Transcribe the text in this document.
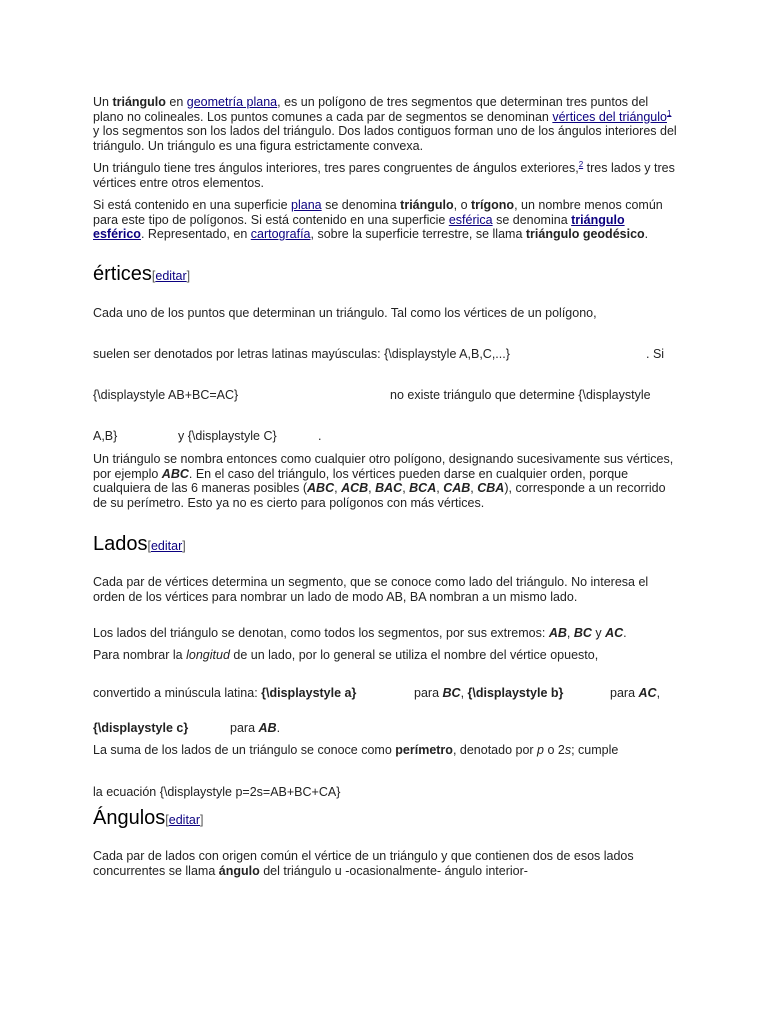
Un triángulo en geometría plana, es un polígono de tres segmentos que determinan tres puntos del plano no colineales. Los puntos comunes a cada par de segmentos se denominan vértices del triángulo$^1$ y los segmentos son los lados del triángulo. Dos lados contiguos forman uno de los ángulos interiores del triángulo. Un triángulo es una figura estrictamente convexa.

Un triángulo tiene tres ángulos interiores, tres pares congruentes de ángulos exteriores,$^2$ tres lados y tres vértices entre otros elementos.

Si está contenido en una superficie plana se denomina triángulo, o trígono, un nombre menos común para este tipo de polígonos. Si está contenido en una superficie esférica se denomina triángulo esférico. Representado, en cartografía, sobre la superficie terrestre, se llama triángulo geodésico.

értices[editar]
Cada uno de los puntos que determinan un triángulo. Tal como los vértices de un polígono,
suelen ser denotados por letras latinas mayúsculas: {\displaystyle A,B,C,...}	. Si
{\displaystyle AB+BC=AC}	no existe triángulo que determine {\displaystyle
A,B}	y {\displaystyle C}	.

Un triángulo se nombra entonces como cualquier otro polígono, designando sucesivamente sus vértices, por ejemplo ABC. En el caso del triángulo, los vértices pueden darse en cualquier orden, porque cualquiera de las 6 maneras posibles (ABC, ACB, BAC, BCA, CAB, CBA), corresponde a un recorrido de su perímetro. Esto ya no es cierto para polígonos con más vértices.

Lados[editar]

Cada par de vértices determina un segmento, que se conoce como lado del triángulo. No interesa el orden de los vértices para nombrar un lado de modo AB, BA nombran a un mismo lado.

Los lados del triángulo se denotan, como todos los segmentos, por sus extremos: AB, BC y AC.

Para nombrar la longitud de un lado, por lo general se utiliza el nombre del vértice opuesto,

convertido a minúscula latina: {\displaystyle a}	para BC, {\displaystyle b}	para AC,
{\displaystyle c}	para AB.

La suma de los lados de un triángulo se conoce como perímetro, denotado por p o 2s; cumple

la ecuación {\displaystyle p=2s=AB+BC+CA}
Ángulos[editar]

Cada par de lados con origen común el vértice de un triángulo y que contienen dos de esos lados concurrentes se llama ángulo del triángulo u -ocasionalmente- ángulo interior-
